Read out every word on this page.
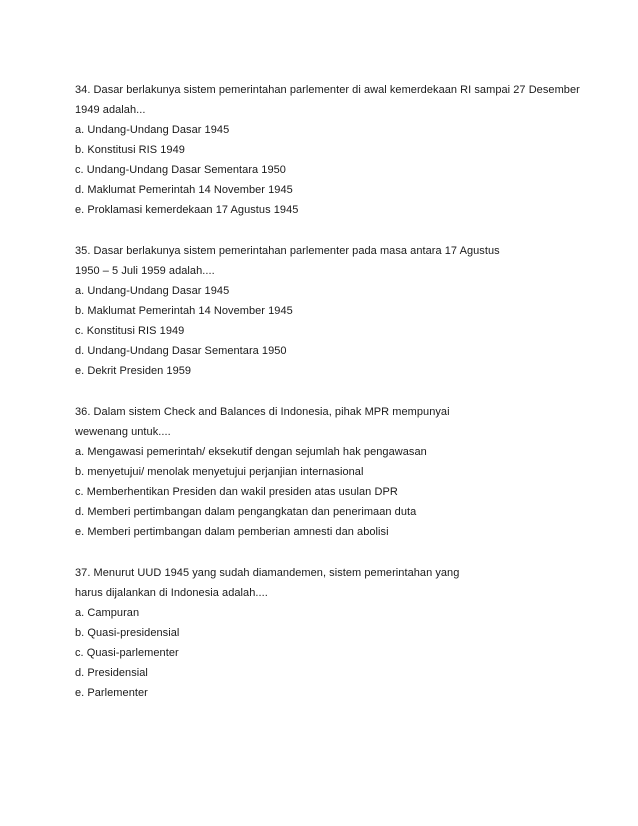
34. Dasar berlakunya sistem pemerintahan parlementer di awal kemerdekaan RI sampai 27 Desember
1949 adalah...
a. Undang-Undang Dasar 1945
b. Konstitusi RIS 1949
c. Undang-Undang Dasar Sementara 1950
d. Maklumat Pemerintah 14 November 1945
e. Proklamasi kemerdekaan 17 Agustus 1945
35. Dasar berlakunya sistem pemerintahan parlementer pada masa antara 17 Agustus
1950 – 5 Juli 1959 adalah....
a. Undang-Undang Dasar 1945
b. Maklumat Pemerintah 14 November 1945
c. Konstitusi RIS 1949
d. Undang-Undang Dasar Sementara 1950
e. Dekrit Presiden 1959
36. Dalam sistem Check and Balances di Indonesia, pihak MPR mempunyai
wewenang untuk....
a. Mengawasi pemerintah/ eksekutif dengan sejumlah hak pengawasan
b. menyetujui/ menolak menyetujui perjanjian internasional
c. Memberhentikan Presiden dan wakil presiden atas usulan DPR
d. Memberi pertimbangan dalam pengangkatan dan penerimaan duta
e. Memberi pertimbangan dalam pemberian amnesti dan abolisi
37. Menurut UUD 1945 yang sudah diamandemen, sistem pemerintahan yang
harus dijalankan di Indonesia adalah....
a. Campuran
b. Quasi-presidensial
c. Quasi-parlementer
d. Presidensial
e. Parlementer
